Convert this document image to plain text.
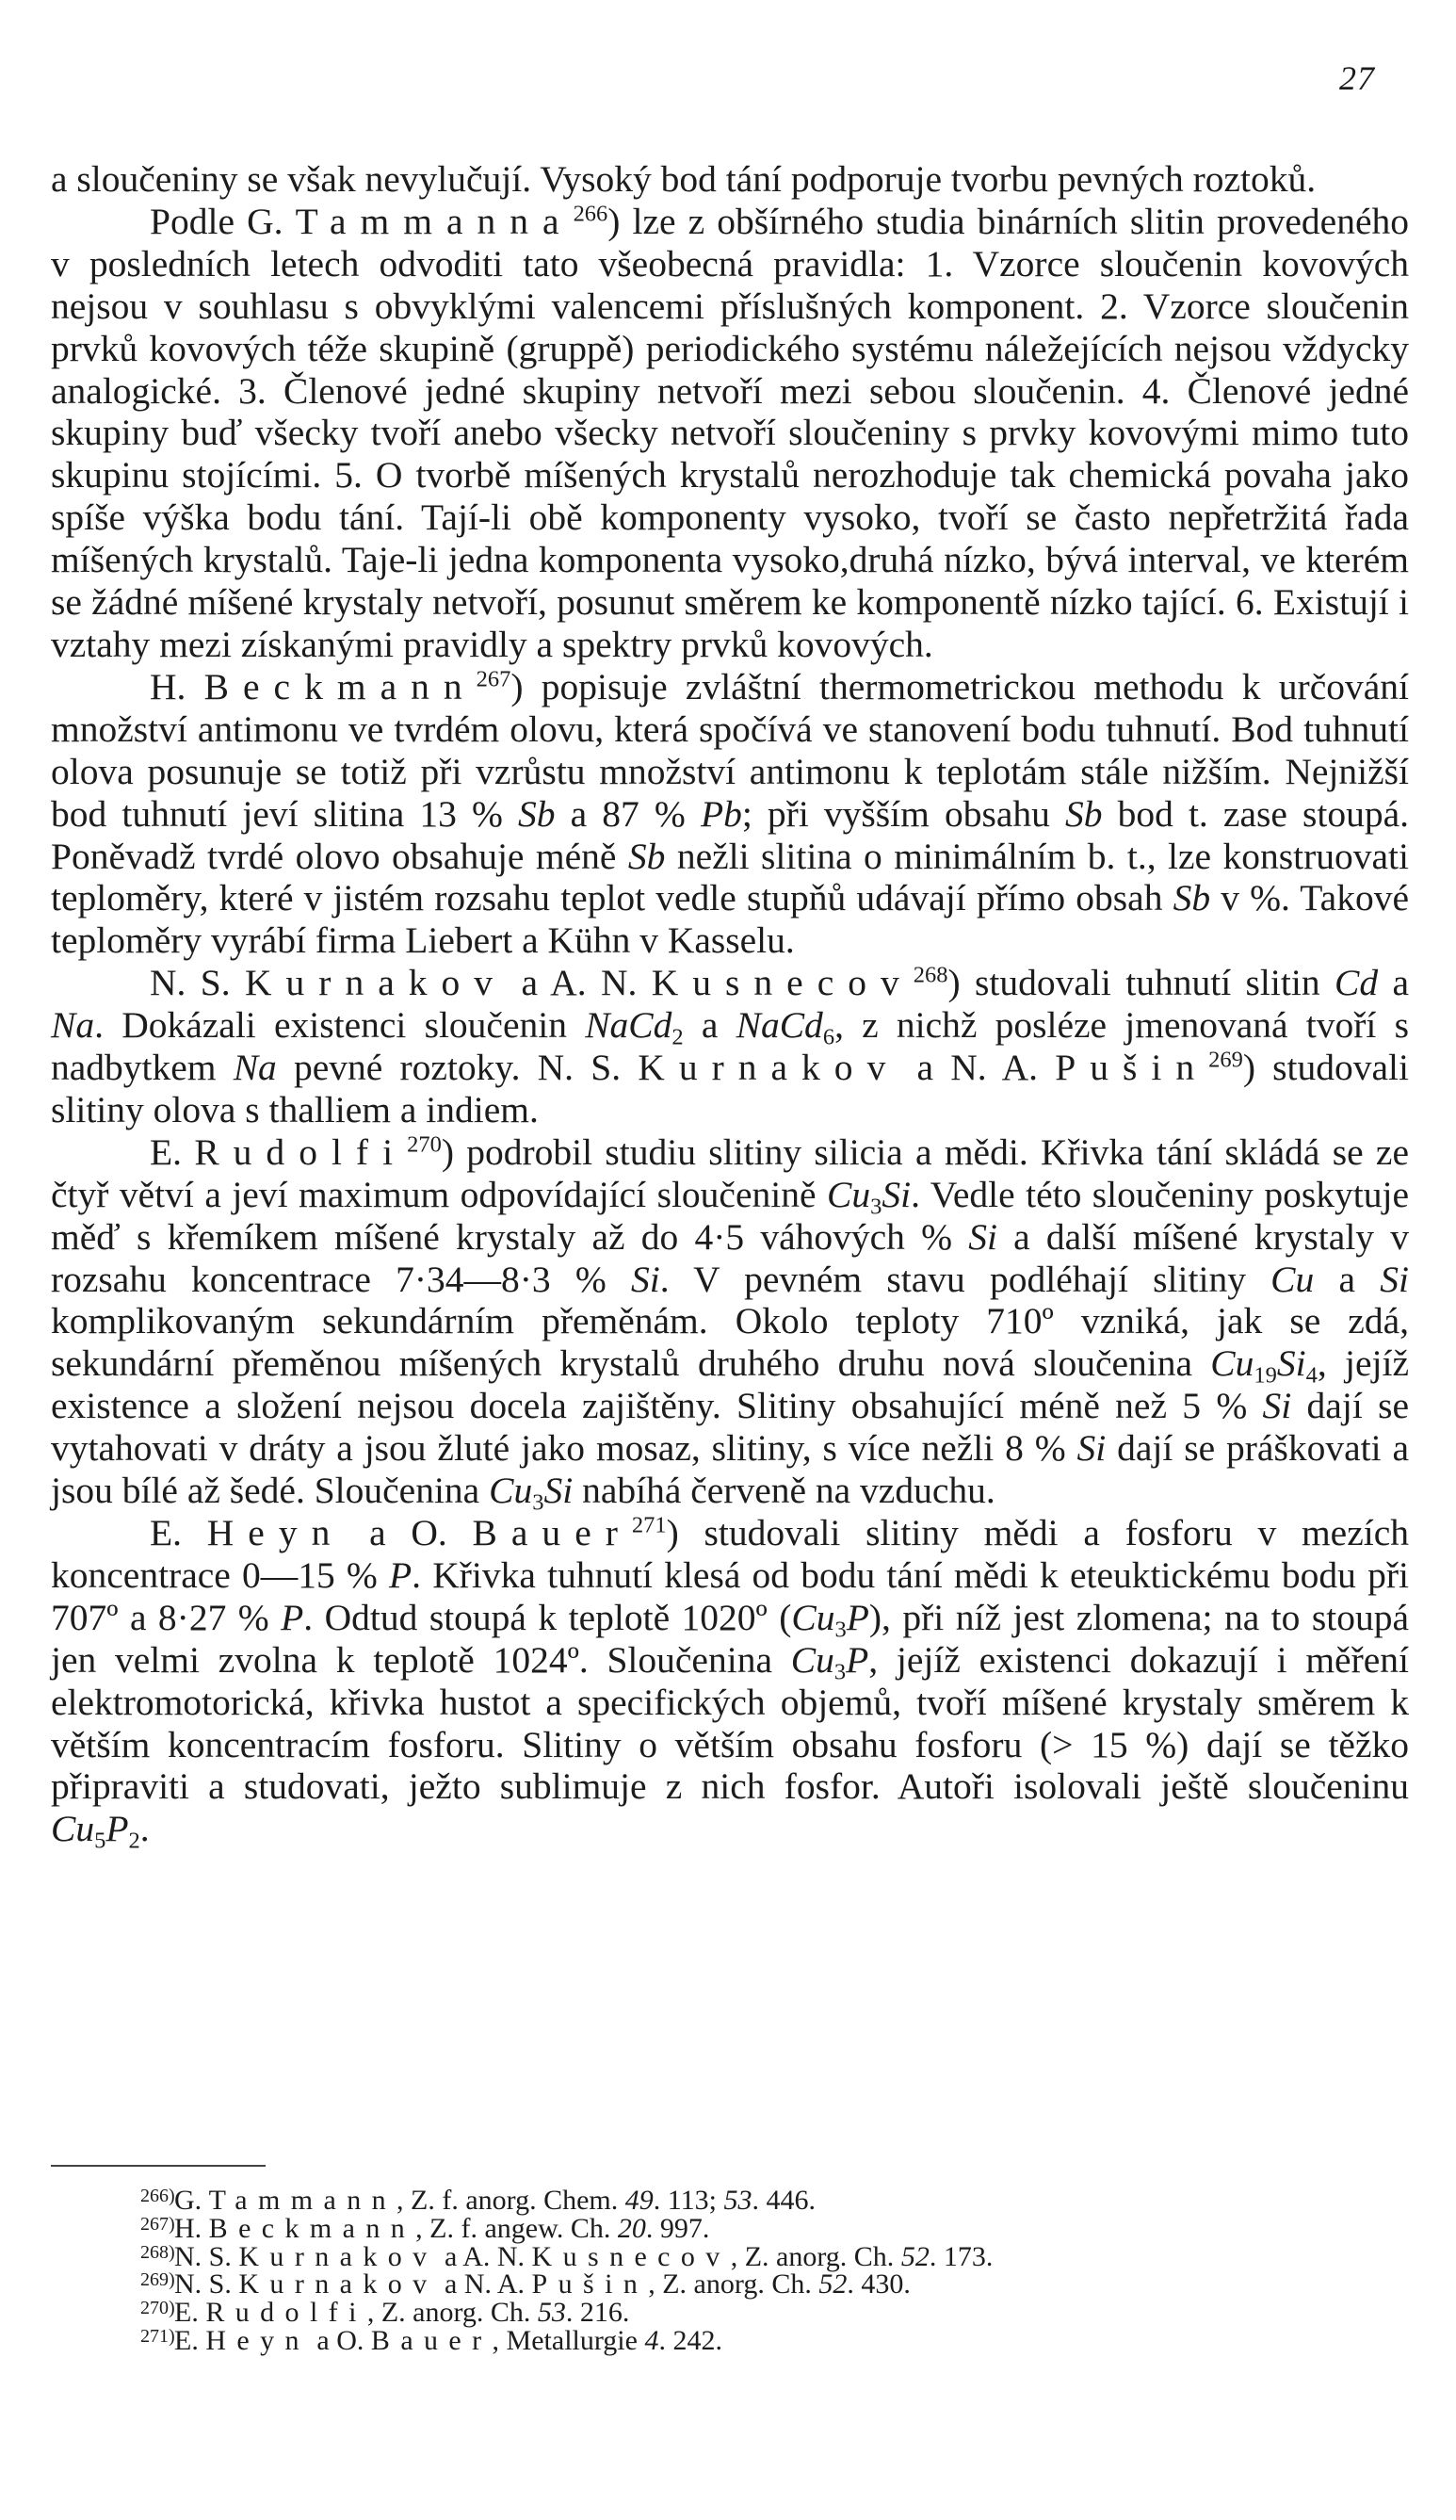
27

a sloučeniny se však nevylučují. Vysoký bod tání podporuje tvorbu pevných roztoků.

Podle G. Tammanna$^{266}$) lze z obšírného studia binárních slitin provedeného v posledních letech odvoditi tato všeobecná pravidla: 1. Vzorce sloučenin kovových nejsou v souhlasu s obvyklými valencemi příslušných komponent. 2. Vzorce sloučenin prvků kovových téže skupině (gruppě) periodického systému náležejících nejsou vždycky analogické. 3. Členové jedné skupiny netvoří mezi sebou sloučenin. 4. Členové jedné skupiny buď všecky tvoří anebo všecky netvoří sloučeniny s prvky kovovými mimo tuto skupinu stojícími. 5. O tvorbě míšených krystalů nerozhoduje tak chemická povaha jako spíše výška bodu tání. Tají-li obě komponenty vysoko, tvoří se často nepřetržitá řada míšených krystalů. Taje-li jedna komponenta vysoko,druhá nízko, bývá interval, ve kterém se žádné míšené krystaly netvoří, posunut směrem ke komponentě nízko tající. 6. Existují i vztahy mezi získanými pravidly a spektry prvků kovových.

H. Beckmann$^{267}$) popisuje zvláštní thermometrickou methodu k určování množství antimonu ve tvrdém olovu, která spočívá ve stanovení bodu tuhnutí. Bod tuhnutí olova posunuje se totiž při vzrůstu množství antimonu k teplotám stále nižším. Nejnižší bod tuhnutí jeví slitina 13 % Sb a 87 % Pb; při vyšším obsahu Sb bod t. zase stoupá. Poněvadž tvrdé olovo obsahuje méně Sb nežli slitina o minimálním b. t., lze konstruovati teploměry, které v jistém rozsahu teplot vedle stupňů udávají přímo obsah Sb v %. Takové teploměry vyrábí firma Liebert a Kühn v Kasselu.

N. S. Kurnakov a A. N. Kusnecov$^{268}$) studovali tuhnutí slitin Cd a Na. Dokázali existenci sloučenin NaCd$_2$ a NaCd$_6$, z nichž posléze jmenovaná tvoří s nadbytkem Na pevné roztoky. N. S. Kurnakov a N. A. Pušin$^{269}$) studovali slitiny olova s thalliem a indiem.

E. Rudolfi$^{270}$) podrobil studiu slitiny silicia a mědi. Křivka tání skládá se ze čtyř větví a jeví maximum odpovídající sloučenině $Cu_3Si$. Vedle této sloučeniny poskytuje měď s křemíkem míšené krystaly až do 4·5 váhových % Si a další míšené krystaly v rozsahu koncentrace 7·34—8·3 % Si. V pevném stavu podléhají slitiny Cu a Si komplikovaným sekundárním přeměnám. Okolo teploty 710º vzniká, jak se zdá, sekundární přeměnou míšených krystalů druhého druhu nová sloučenina $Cu_{19}Si_4$, jejíž existence a složení nejsou docela zajištěny. Slitiny obsahující méně než 5 % Si dají se vytahovati v dráty a jsou žluté jako mosaz, slitiny, s více nežli 8 % Si dají se práškovati a jsou bílé až šedé. Sloučenina $Cu_3Si$ nabíhá červeně na vzduchu.

E. Heyn a O. Bauer$^{271}$) studovali slitiny mědi a fosforu v mezích koncentrace 0—15 % P. Křivka tuhnutí klesá od bodu tání mědi k eteuktickému bodu při 707º a 8·27 % P. Odtud stoupá k teplotě 1020º $(Cu_3P)$, při níž jest zlomena; na to stoupá jen velmi zvolna k teplotě 1024º. Sloučenina $Cu_3P$, jejíž existenci dokazují i měření elektromotorická, křivka hustot a specifických objemů, tvoří míšené krystaly směrem k větším koncentracím fosforu. Slitiny o větším obsahu fosforu (> 15 %) dají se těžko připraviti a studovati, ježto sublimuje z nich fosfor. Autoři isolovali ještě sloučeninu $Cu_5P_2$.

266) G. Tammann, Z. f. anorg. Chem. 49. 113; 53. 446.
267) H. Beckmann, Z. f. angew. Ch. 20. 997.
268) N. S. Kurnakov a A. N. Kusnecov, Z. anorg. Ch. 52. 173.
269) N. S. Kurnakov a N. A. Pušin, Z. anorg. Ch. 52. 430.
270) E. Rudolfi, Z. anorg. Ch. 53. 216.
271) E. Heyn a O. Bauer, Metallurgie 4. 242.
